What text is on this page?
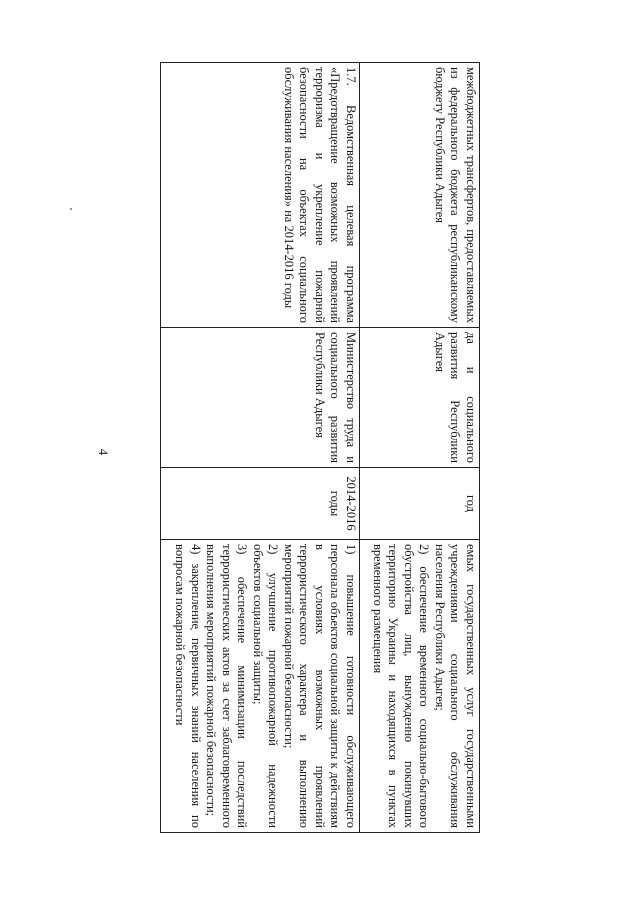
4
межбюджетных трансфертов, предоставляемых из федерального бюджета республиканскому бюджету Республики Адыгея	да и социального развития Республики Адыгея	год	емых государственных услуг государственными учреждениями социального обслуживания населения Республики Адыгея;
2) обеспечение временного социально-бытового обустройства лиц, вынужденно покинувших территорию Украины и находящихся в пунктах временного размещения

1.7. Ведомственная целевая программа «Предотвращение возможных проявлений терроризма и укрепление пожарной безопасности на объектах социального обслуживания населения» на 2014-2016 годы	Министерство труда и социального развития Республики Адыгея	2014-2016 годы	1) повышение готовности обслуживающего персонала объектов социальной защиты к действиям в условиях возможных проявлений террористического характера и выполнению мероприятий пожарной безопасности;
2) улучшение противопожарной надежности объектов социальной защиты;
3) обеспечение минимизации последствий террористических актов за счет заблаговременного выполнения мероприятий пожарной безопасности;
4) закрепление первичных знаний населения по вопросам пожарной безопасности
